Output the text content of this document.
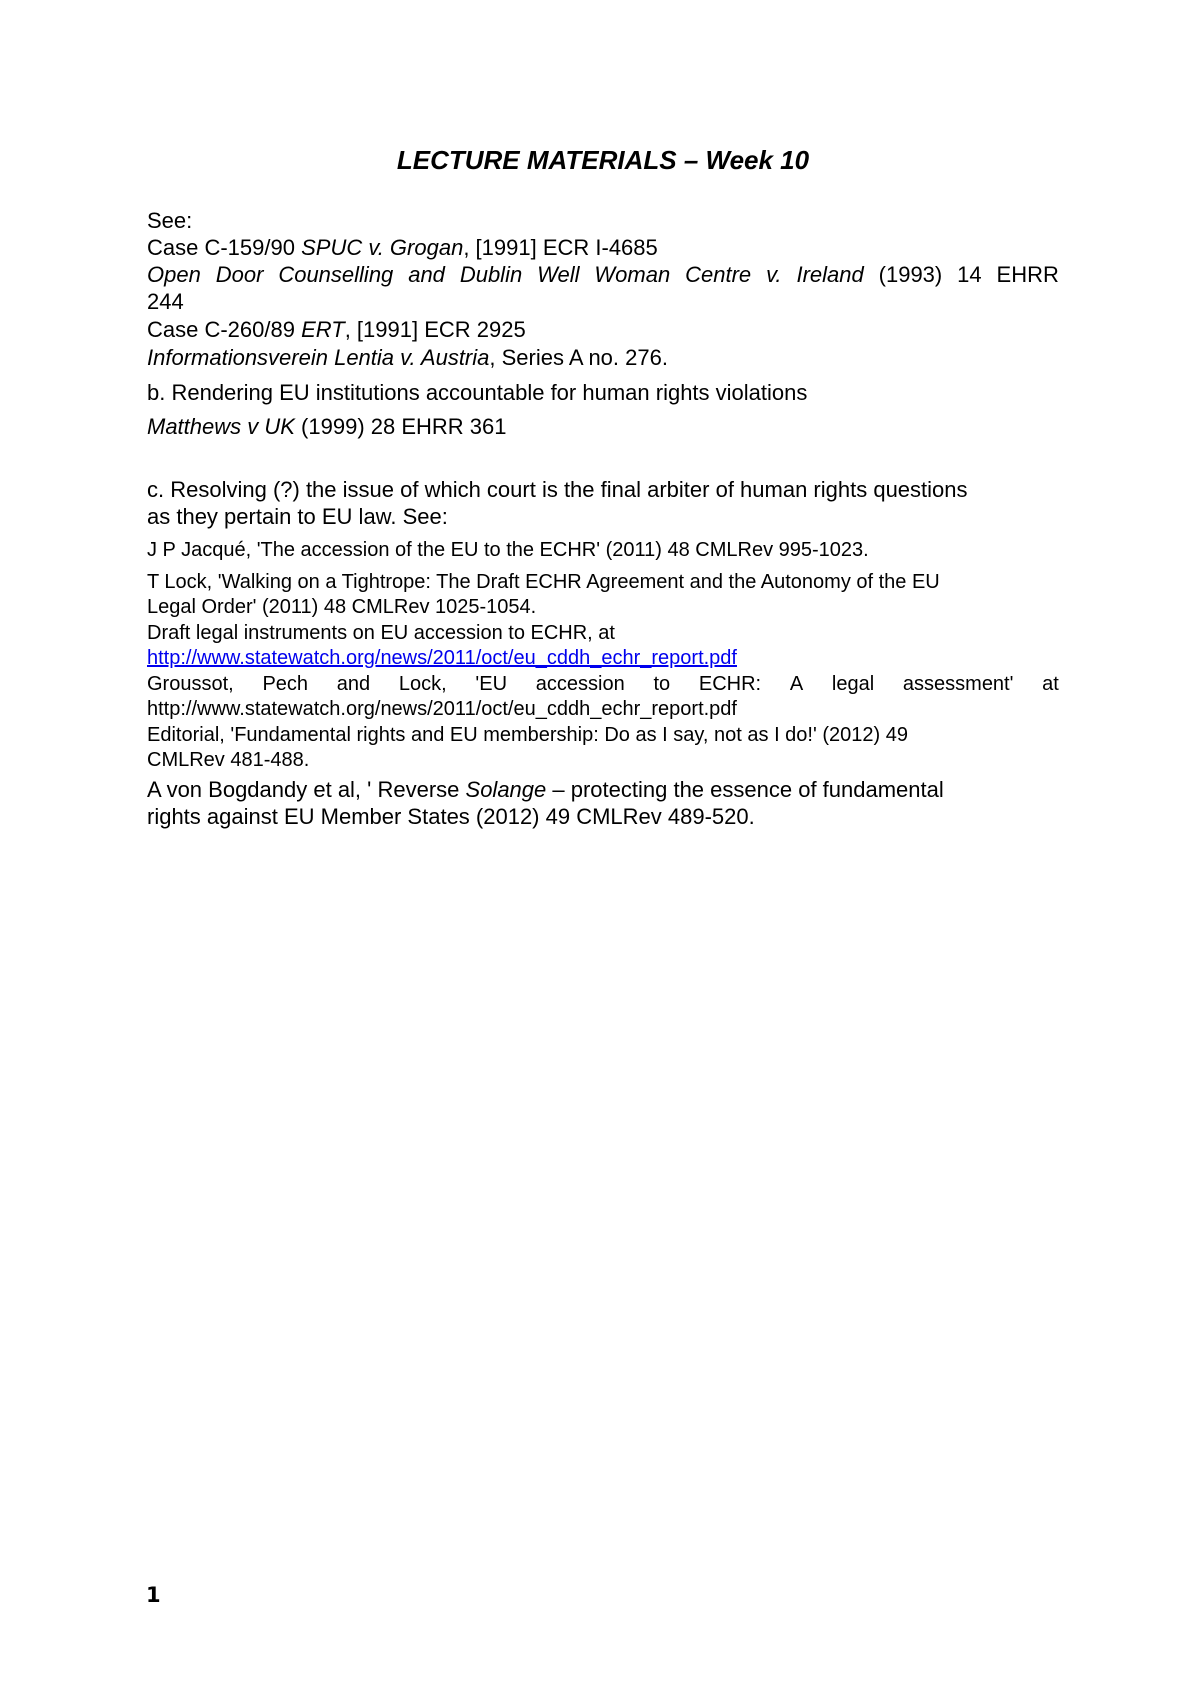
LECTURE MATERIALS – Week 10
See:
Case C-159/90 SPUC v. Grogan, [1991] ECR I-4685
Open Door Counselling and Dublin Well Woman Centre v. Ireland (1993) 14 EHRR
244
Case C-260/89 ERT, [1991] ECR 2925
Informationsverein Lentia v. Austria, Series A no. 276.
b. Rendering EU institutions accountable for human rights violations
Matthews v UK (1999) 28 EHRR 361
c. Resolving (?) the issue of which court is the final arbiter of human rights questions
as they pertain to EU law. See:
J P Jacqué, 'The accession of the EU to the ECHR' (2011) 48 CMLRev 995-1023.
T Lock, 'Walking on a Tightrope: The Draft ECHR Agreement and the Autonomy of the EU
Legal Order' (2011) 48 CMLRev 1025-1054.
Draft legal instruments on EU accession to ECHR, at
http://www.statewatch.org/news/2011/oct/eu_cddh_echr_report.pdf
Groussot, Pech and Lock, 'EU accession to ECHR: A legal assessment' at
http://www.statewatch.org/news/2011/oct/eu_cddh_echr_report.pdf
Editorial, 'Fundamental rights and EU membership: Do as I say, not as I do!' (2012) 49
CMLRev 481-488.
A von Bogdandy et al, ' Reverse Solange – protecting the essence of fundamental
rights against EU Member States (2012) 49 CMLRev 489-520.
1
